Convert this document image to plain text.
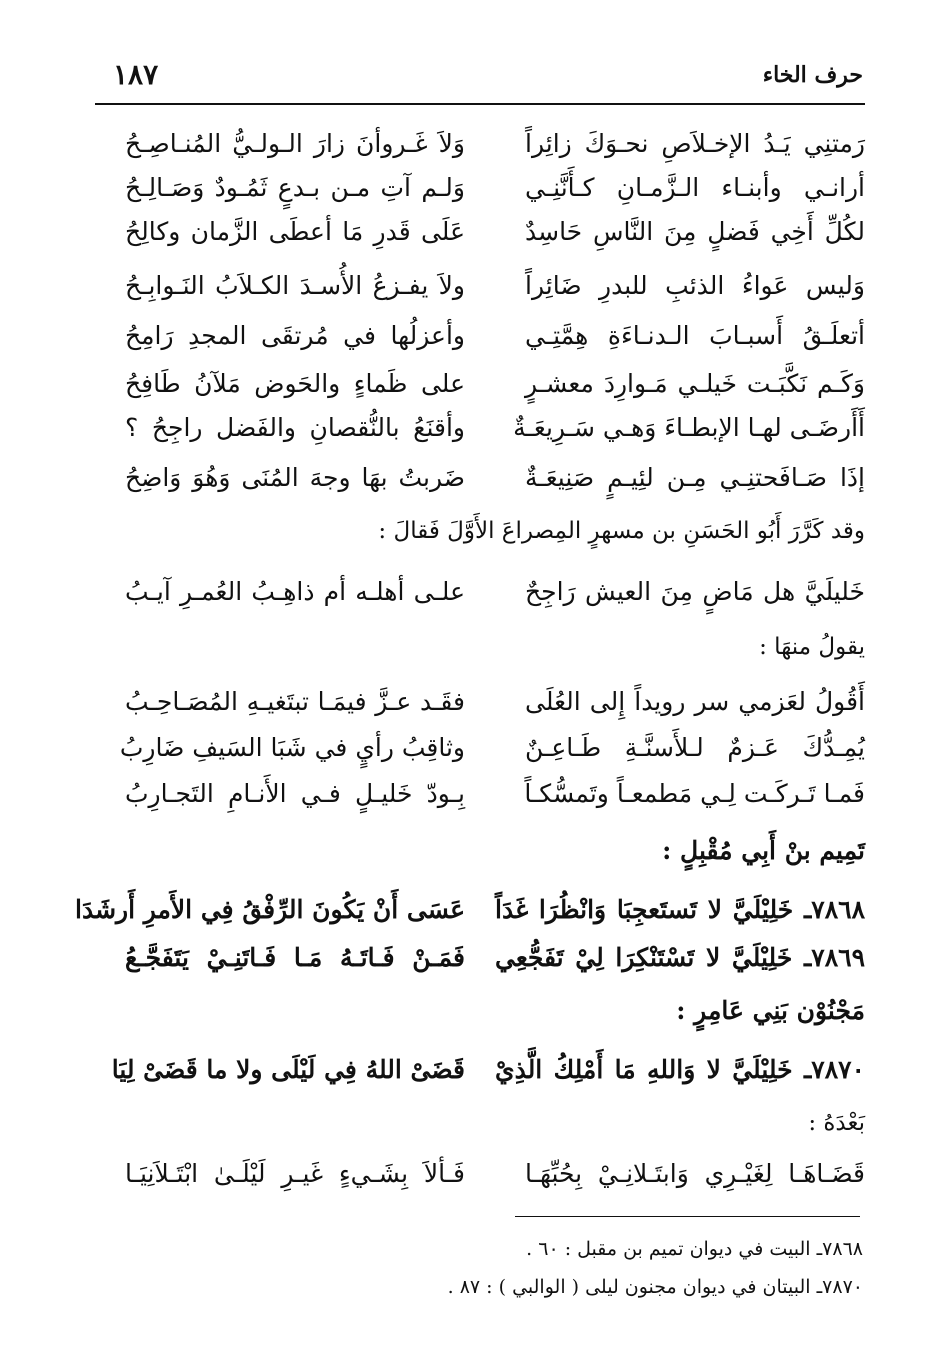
١٨٧	حرف الخاء
رَمتنِي يَـدُ الإخـلاَصِ نحـوَكَ زائِراً
وَلاَ غَـروأنَ زارَ الـولـيُّ المُنـاصِـحُ
أرانـي وأبنـاء الـزَّمـانِ كـأَنَّنِـي
وَلـم آتِ مـن بـدعٍ ثَمُـودٌ وَصَـالِـحُ
لكُلِّ أَخِي فَضلٍ مِنَ النَّاسِ حَاسِدٌ
عَلَى قَدرِ مَا أعطَى الزَّمان وكالِحُ
وَليس عَواءُ الذئبِ للبدرِ ضَائِراً
ولاَ يفـزعُ الأُسـدَ الكـلاَبُ النَـوابِـحُ
أتعلَـقُ أَسبـابَ الـدنـاءَةِ هِمَّتِـي
وأعزلُها في مُرتقَى المجدِ رَامِحُ
وَكَـم نَكَّبَـت خَيلـي مَـوارِدَ معشـرٍ
على ظَماءٍ والحَوض مَلآنُ طَافِحُ
أَأَرضَـى لهـا الإبطـاءَ وَهـي سَـرِيعَـةٌ
وأقنَعُ بالنُّقصانِ والفَضل راجِحُ ؟
إذَا صَـافَحتنِـي مِـن لئِيـمٍ صَنِيعَـةٌ
ضَربتُ بهَا وجهَ المُنَى وَهُوَ وَاضِحُ
وقد كَرَّرَ أَبُو الحَسَنِ بن مسهرٍ المِصراعَ الأَوَّلَ فَقالَ :
خَليلَيَّ هل مَاضٍ مِنَ العيش رَاجِحٌ
علـى أهلـه أم ذاهِـبُ العُمـرِ آيـبُ
يقولُ منهَا :
أَقُولُ لعَزمي سر رويداً إِلى العُلَى
فقَـد عـزَّ فيمَـا تبتَغيـهِ المُصَـاحِـبُ
يُمِـدُّكَ عَـزمٌ لـلأَسنَّـةِ طَـاعِـنٌ
وثاقِبُ رأيٍ في شَبَا السَيفِ ضَارِبُ
فَمـا تَـركَـت لِـي مَطمعـاً وتَمسُّكـاً
بِـودّ خَليـلٍ فـي الأَنـامِ التَجـارِبُ
تَمِيم بنْ أَبِي مُقْبِلٍ :
٧٨٦٨ـ خَلِيْلَيَّ لا تَستَعجِبَا وَانْظُرَا غَدَاً
عَسَى أَنْ يَكُونَ الرِّفْقُ فِي الأَمرِ أَرشَدَا
٧٨٦٩ـ خَلِيْلَيَّ لا تَسْتَنْكِرَا لِيْ تَفَجُّعِي
فَمَـنْ فَـاتَـهُ مَـا فَـاتَنِـيْ يَتَفَجَّـعُ
مَجْنُوْن بَنِي عَامِرٍ :
٧٨٧٠ـ خَلِيْلَيَّ لا وَاللهِ مَا أَمْلِكُ الَّذِيْ
قَضَىْ اللهُ فِي لَيْلَى ولا ما قَضَىْ لِيَا
بَعْدَهُ :
قَضَـاهَـا لِغَيْـرِي وَابتَـلانِـيْ بِحُبِّهَـا
فَـألاَ بِشَـيءٍ غَيـرِ لَيْلَـىٰ ابْتَـلاَنِيَـا
٧٨٦٨ـ البيت في ديوان تميم بن مقبل : ٦٠ .
٧٨٧٠ـ البيتان في ديوان مجنون ليلى ( الوالبي ) : ٨٧ .
